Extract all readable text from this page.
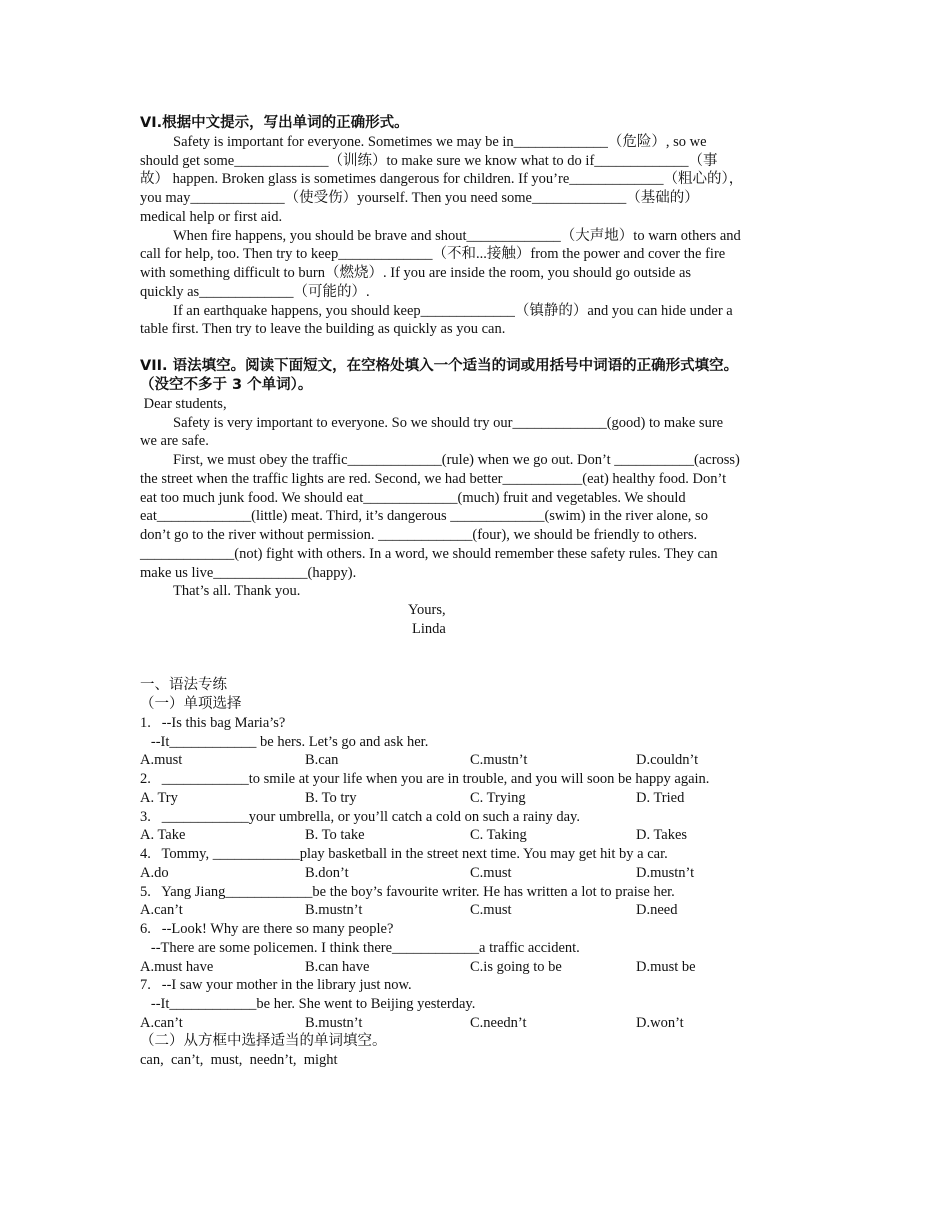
VI.根据中文提示，写出单词的正确形式。
Safety is important for everyone. Sometimes we may be in_____________（危险）, so we
should get some_____________（训练）to make sure we know what to do if_____________（事
故） happen. Broken glass is sometimes dangerous for children. If you’re_____________（粗心的），
you may_____________（使受伤）yourself. Then you need some_____________（基础的）
medical help or first aid.
When fire happens, you should be brave and shout_____________（大声地）to warn others and
call for help, too. Then try to keep_____________（不和...接触）from the power and cover the fire
with something difficult to burn（燃烧）. If you are inside the room, you should go outside as
quickly as_____________（可能的）.
If an earthquake happens, you should keep_____________（镇静的）and you can hide under a
table first. Then try to leave the building as quickly as you can.
VII. 语法填空。阅读下面短文，在空格处填入一个适当的词或用括号中词语的正确形式填空。
（没空不多于 3 个单词）。
Dear students,
Safety is very important to everyone. So we should try our_____________(good) to make sure
we are safe.
First, we must obey the traffic_____________(rule) when we go out. Don’t ___________(across)
the street when the traffic lights are red. Second, we had better___________(eat) healthy food. Don’t
eat too much junk food. We should eat_____________(much) fruit and vegetables. We should
eat_____________(little) meat. Third, it’s dangerous _____________(swim) in the river alone, so
don’t go to the river without permission. _____________(four), we should be friendly to others.
_____________(not) fight with others. In a word, we should remember these safety rules. They can
make us live_____________(happy).
That’s all. Thank you.
Yours,
Linda
一、语法专练
（一）单项选择
1.   --Is this bag Maria’s?
--It____________ be hers. Let’s go and ask her.
A.must	B.can	C.mustn’t	D.couldn’t
2.   ____________to smile at your life when you are in trouble, and you will soon be happy again.
A. Try	B. To try	C. Trying	D. Tried
3.   ____________your umbrella, or you’ll catch a cold on such a rainy day.
A. Take	B. To take	C. Taking	D. Takes
4.   Tommy, ____________play basketball in the street next time. You may get hit by a car.
A.do	B.don’t	C.must	D.mustn’t
5.   Yang Jiang____________be the boy’s favourite writer. He has written a lot to praise her.
A.can’t	B.mustn’t	C.must	D.need
6.   --Look! Why are there so many people?
--There are some policemen. I think there____________a traffic accident.
A.must have	B.can have	C.is going to be	D.must be
7.   --I saw your mother in the library just now.
--It____________be her. She went to Beijing yesterday.
A.can’t	B.mustn’t	C.needn’t	D.won’t
（二）从方框中选择适当的单词填空。
can,  can’t,  must,  needn’t,  might
